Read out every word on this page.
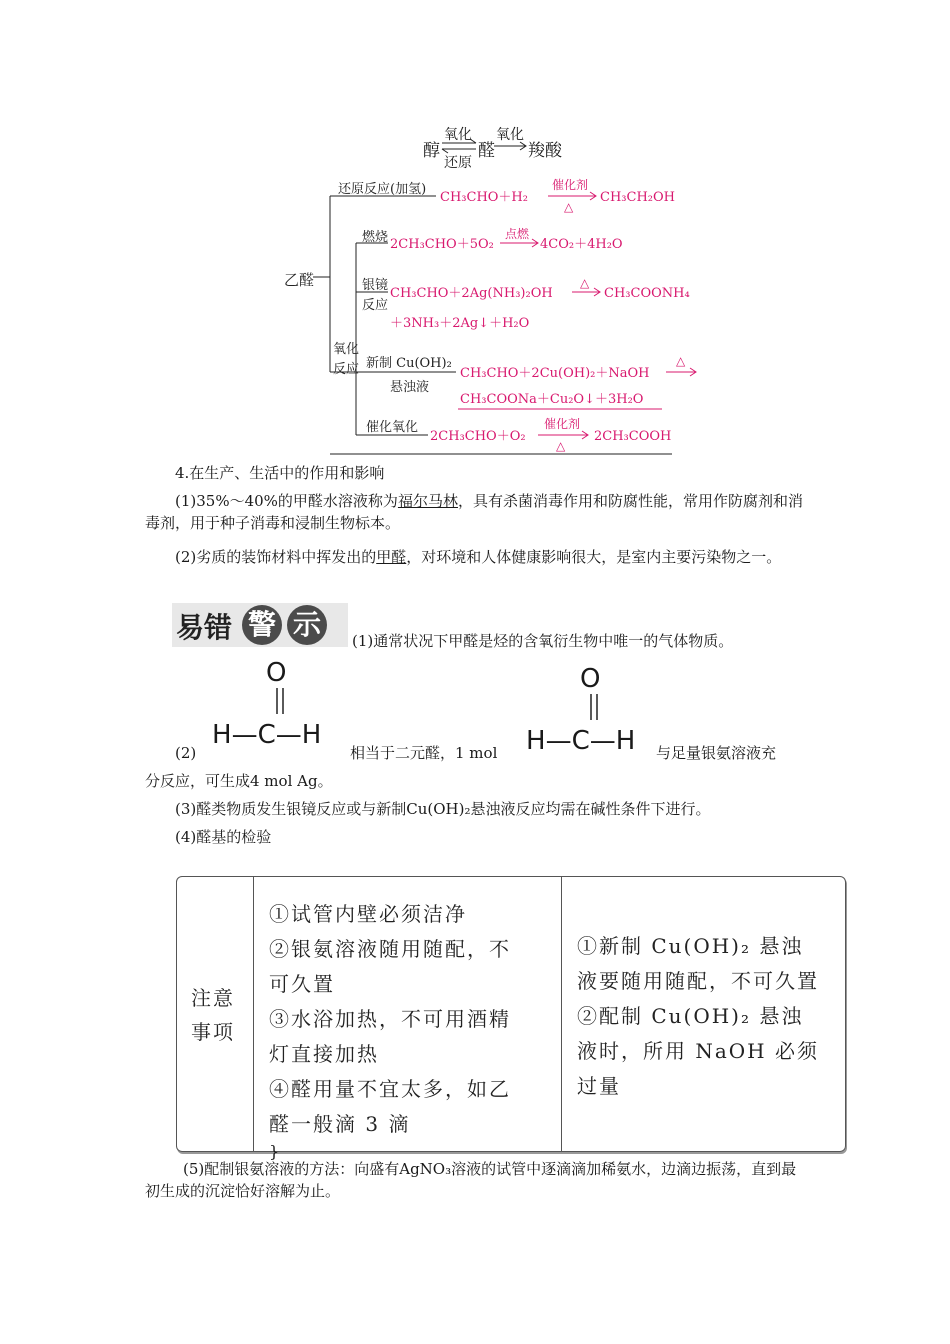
醇
氧化
还原
醛
氧化
羧酸
乙醛
还原反应(加氢)
CH₃CHO＋H₂
催化剂
△
CH₃CH₂OH
氧化
反应
燃烧 2CH₃CHO＋5O₂
点燃
4CO₂＋4H₂O
银镜
反应
CH₃CHO＋2Ag(NH₃)₂OH
△
CH₃COONH₄
＋3NH₃＋2Ag↓＋H₂O
新制 Cu(OH)₂
悬浊液
CH₃CHO＋2Cu(OH)₂＋NaOH
△
CH₃COONa＋Cu₂O↓＋3H₂O
催化氧化
2CH₃CHO＋O₂
催化剂
△
2CH₃COOH
4.在生产、生活中的作用和影响
(1)35%～40%的甲醛水溶液称为福尔马林，具有杀菌消毒作用和防腐性能，常用作防腐剂和消毒剂，用于种子消毒和浸制生物标本。
(2)劣质的装饰材料中挥发出的甲醛，对环境和人体健康影响很大，是室内主要污染物之一。
易错 警 示	(1)通常状况下甲醛是烃的含氧衍生物中唯一的气体物质。
O
H—C—H
(2)	相当于二元醛，1 mol
O
H—C—H 与足量银氨溶液充
分反应，可生成4 mol Ag。
(3)醛类物质发生银镜反应或与新制Cu(OH)₂悬浊液反应均需在碱性条件下进行。
(4)醛基的检验
注意
事项
①试管内壁必须洁净
②银氨溶液随用随配，不
可久置
③水浴加热，不可用酒精
灯直接加热
④醛用量不宜太多，如乙
醛一般滴 3 滴
}
①新制 Cu(OH)₂ 悬浊
液要随用随配，不可久置
②配制 Cu(OH)₂ 悬浊
液时，所用 NaOH 必须
过量
(5)配制银氨溶液的方法：向盛有AgNO₃溶液的试管中逐滴滴加稀氨水，边滴边振荡，直到最初生成的沉淀恰好溶解为止。
